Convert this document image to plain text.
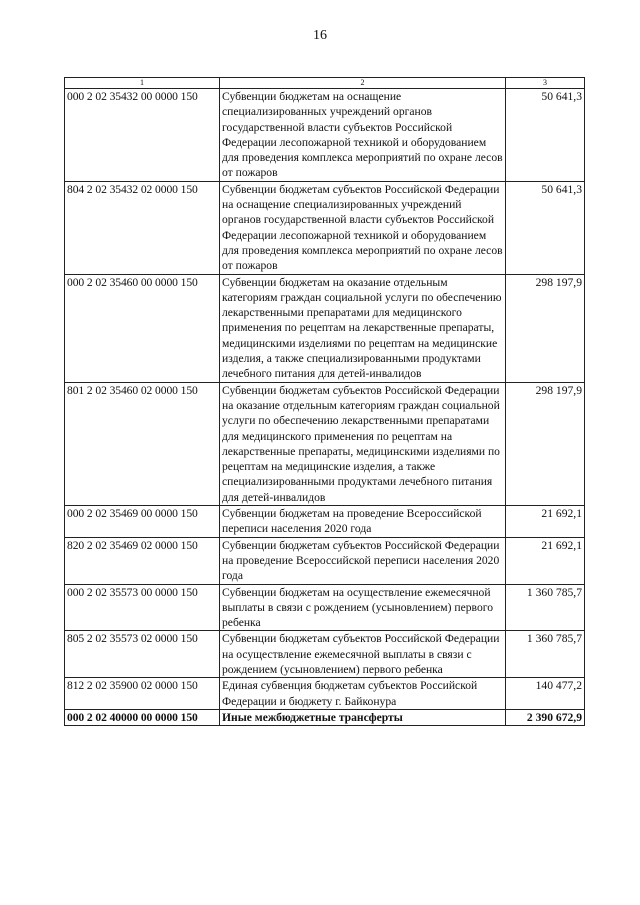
16
1	2	3
000 2 02 35432 00 0000 150	Субвенции бюджетам на оснащение специализированных учреждений органов государственной власти субъектов Российской Федерации лесопожарной техникой и оборудованием для проведения комплекса мероприятий по охране лесов от пожаров	50 641,3
804 2 02 35432 02 0000 150	Субвенции бюджетам субъектов Российской Федерации на оснащение специализированных учреждений органов государственной власти субъектов Российской Федерации лесопожарной техникой и оборудованием для проведения комплекса мероприятий по охране лесов от пожаров	50 641,3
000 2 02 35460 00 0000 150	Субвенции бюджетам на оказание отдельным категориям граждан социальной услуги по обеспечению лекарственными препаратами для медицинского применения по рецептам на лекарственные препараты, медицинскими изделиями по рецептам на медицинские изделия, а также специализированными продуктами лечебного питания для детей-инвалидов	298 197,9
801 2 02 35460 02 0000 150	Субвенции бюджетам субъектов Российской Федерации на оказание отдельным категориям граждан социальной услуги по обеспечению лекарственными препаратами для медицинского применения по рецептам на лекарственные препараты, медицинскими изделиями по рецептам на медицинские изделия, а также специализированными продуктами лечебного питания для детей-инвалидов	298 197,9
000 2 02 35469 00 0000 150	Субвенции бюджетам на проведение Всероссийской переписи населения 2020 года	21 692,1
820 2 02 35469 02 0000 150	Субвенции бюджетам субъектов Российской Федерации на проведение Всероссийской переписи населения 2020 года	21 692,1
000 2 02 35573 00 0000 150	Субвенции бюджетам на осуществление ежемесячной выплаты в связи с рождением (усыновлением) первого ребенка	1 360 785,7
805 2 02 35573 02 0000 150	Субвенции бюджетам субъектов Российской Федерации на осуществление ежемесячной выплаты в связи с рождением (усыновлением) первого ребенка	1 360 785,7
812 2 02 35900 02 0000 150	Единая субвенция бюджетам субъектов Российской Федерации и бюджету г. Байконура	140 477,2
000 2 02 40000 00 0000 150	Иные межбюджетные трансферты	2 390 672,9
